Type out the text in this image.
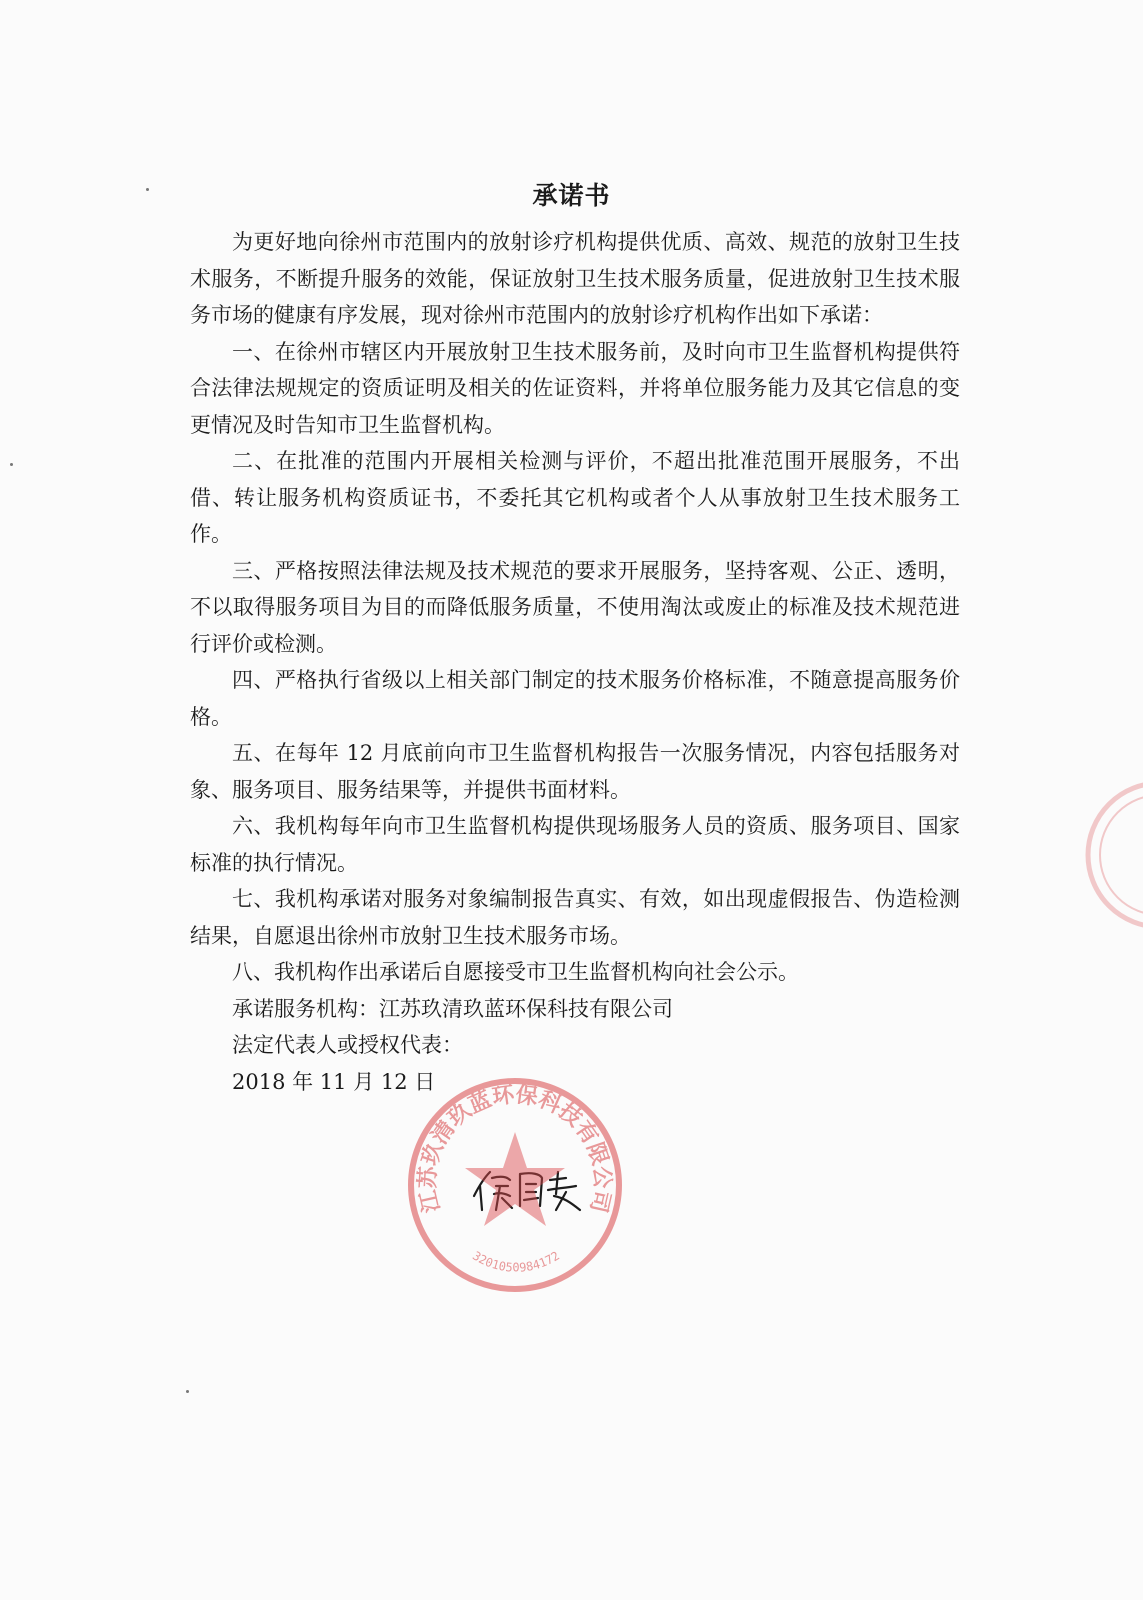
承诺书

为更好地向徐州市范围内的放射诊疗机构提供优质、高效、规范的放射卫生技术服务，不断提升服务的效能，保证放射卫生技术服务质量，促进放射卫生技术服务市场的健康有序发展，现对徐州市范围内的放射诊疗机构作出如下承诺：

一、在徐州市辖区内开展放射卫生技术服务前，及时向市卫生监督机构提供符合法律法规规定的资质证明及相关的佐证资料，并将单位服务能力及其它信息的变更情况及时告知市卫生监督机构。

二、在批准的范围内开展相关检测与评价，不超出批准范围开展服务，不出借、转让服务机构资质证书，不委托其它机构或者个人从事放射卫生技术服务工作。

三、严格按照法律法规及技术规范的要求开展服务，坚持客观、公正、透明，不以取得服务项目为目的而降低服务质量，不使用淘汰或废止的标准及技术规范进行评价或检测。

四、严格执行省级以上相关部门制定的技术服务价格标准，不随意提高服务价格。

五、在每年 12 月底前向市卫生监督机构报告一次服务情况，内容包括服务对象、服务项目、服务结果等，并提供书面材料。

六、我机构每年向市卫生监督机构提供现场服务人员的资质、服务项目、国家标准的执行情况。

七、我机构承诺对服务对象编制报告真实、有效，如出现虚假报告、伪造检测结果，自愿退出徐州市放射卫生技术服务市场。

八、我机构作出承诺后自愿接受市卫生监督机构向社会公示。

承诺服务机构：江苏玖清玖蓝环保科技有限公司

法定代表人或授权代表：

2018 年 11 月 12 日

江苏玖清玖蓝环保科技有限公司
3201050984172
